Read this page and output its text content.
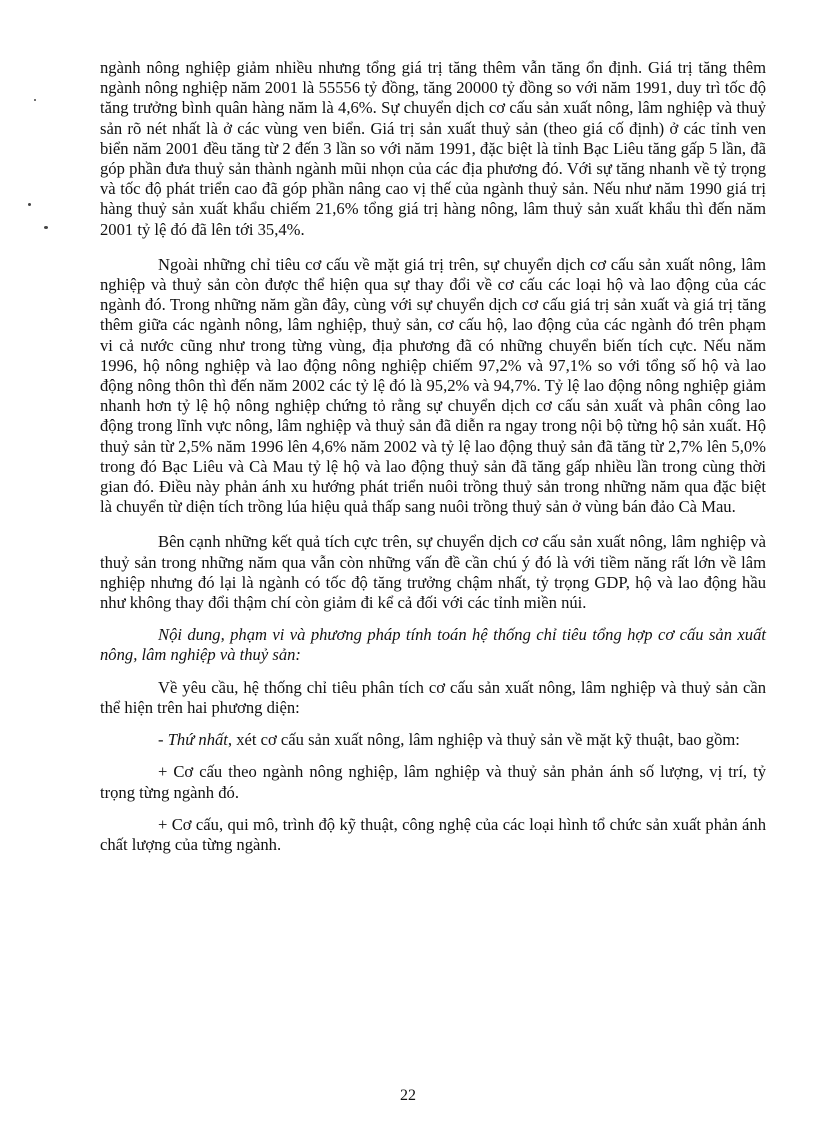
ngành nông nghiệp giảm nhiều nhưng tổng giá trị tăng thêm vẫn tăng ổn định. Giá trị tăng thêm ngành nông nghiệp năm 2001 là 55556 tỷ đồng, tăng 20000 tỷ đồng so với năm 1991, duy trì tốc độ tăng trưởng bình quân hàng năm là 4,6%. Sự chuyển dịch cơ cấu sản xuất nông, lâm nghiệp và thuỷ sản rõ nét nhất là ở các vùng ven biển. Giá trị sản xuất thuỷ sản (theo giá cố định) ở các tỉnh ven biển năm 2001 đều tăng từ 2 đến 3 lần so với năm 1991, đặc biệt là tỉnh Bạc Liêu tăng gấp 5 lần, đã góp phần đưa thuỷ sản thành ngành mũi nhọn của các địa phương đó. Với sự tăng nhanh về tỷ trọng và tốc độ phát triển cao đã góp phần nâng cao vị thế của ngành thuỷ sản. Nếu như năm 1990 giá trị hàng thuỷ sản xuất khẩu chiếm 21,6% tổng giá trị hàng nông, lâm thuỷ sản xuất khẩu thì đến năm 2001 tỷ lệ đó đã lên tới 35,4%.

Ngoài những chỉ tiêu cơ cấu về mặt giá trị trên, sự chuyển dịch cơ cấu sản xuất nông, lâm nghiệp và thuỷ sản còn được thể hiện qua sự thay đổi về cơ cấu các loại hộ và lao động của các ngành đó. Trong những năm gần đây, cùng với sự chuyển dịch cơ cấu giá trị sản xuất và giá trị tăng thêm giữa các ngành nông, lâm nghiệp, thuỷ sản, cơ cấu hộ, lao động của các ngành đó trên phạm vi cả nước cũng như trong từng vùng, địa phương đã có những chuyển biến tích cực. Nếu năm 1996, hộ nông nghiệp và lao động nông nghiệp chiếm 97,2% và 97,1% so với tổng số hộ và lao động nông thôn thì đến năm 2002 các tỷ lệ đó là 95,2% và 94,7%. Tỷ lệ lao động nông nghiệp giảm nhanh hơn tỷ lệ hộ nông nghiệp chứng tỏ rằng sự chuyển dịch cơ cấu sản xuất và phân công lao động trong lĩnh vực nông, lâm nghiệp và thuỷ sản đã diễn ra ngay trong nội bộ từng hộ sản xuất. Hộ thuỷ sản từ 2,5% năm 1996 lên 4,6% năm 2002 và tỷ lệ lao động thuỷ sản đã tăng từ 2,7% lên 5,0% trong đó Bạc Liêu và Cà Mau tỷ lệ hộ và lao động thuỷ sản đã tăng gấp nhiều lần trong cùng thời gian đó. Điều này phản ánh xu hướng phát triển nuôi trồng thuỷ sản trong những năm qua đặc biệt là chuyển từ diện tích trồng lúa hiệu quả thấp sang nuôi trồng thuỷ sản ở vùng bán đảo Cà Mau.

Bên cạnh những kết quả tích cực trên, sự chuyển dịch cơ cấu sản xuất nông, lâm nghiệp và thuỷ sản trong những năm qua vẫn còn những vấn đề cần chú ý đó là với tiềm năng rất lớn về lâm nghiệp nhưng đó lại là ngành có tốc độ tăng trưởng chậm nhất, tỷ trọng GDP, hộ và lao động hầu như không thay đổi thậm chí còn giảm đi kể cả đối với các tỉnh miền núi.

Nội dung, phạm vi và phương pháp tính toán hệ thống chỉ tiêu tổng hợp cơ cấu sản xuất nông, lâm nghiệp và thuỷ sản:

Về yêu cầu, hệ thống chỉ tiêu phân tích cơ cấu sản xuất nông, lâm nghiệp và thuỷ sản cần thể hiện trên hai phương diện:

- Thứ nhất, xét cơ cấu sản xuất nông, lâm nghiệp và thuỷ sản về mặt kỹ thuật, bao gồm:

+ Cơ cấu theo ngành nông nghiệp, lâm nghiệp và thuỷ sản phản ánh số lượng, vị trí, tỷ trọng từng ngành đó.

+ Cơ cấu, qui mô, trình độ kỹ thuật, công nghệ của các loại hình tổ chức sản xuất phản ánh chất lượng của từng ngành.

22
